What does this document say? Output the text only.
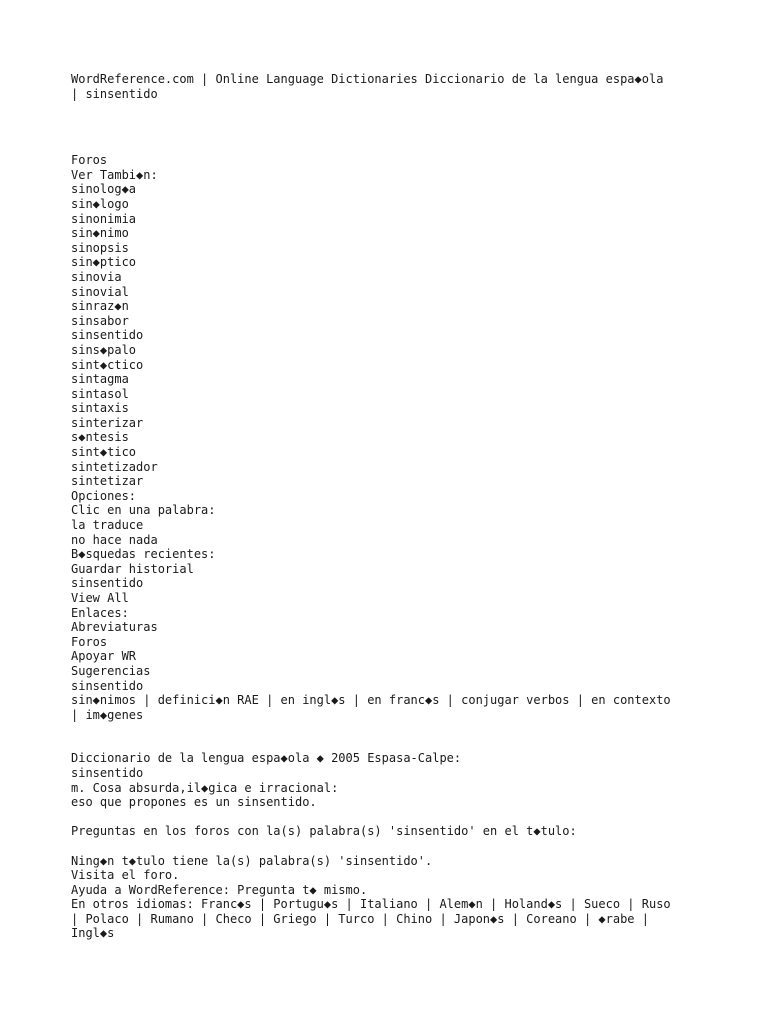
WordReference.com | Online Language Dictionaries Diccionario de la lengua espa◆ola
| sinsentido
Foros
Ver Tambi◆n:
sinolog◆a
sin◆logo
sinonimia
sin◆nimo
sinopsis
sin◆ptico
sinovia
sinovial
sinraz◆n
sinsabor
sinsentido
sins◆palo
sint◆ctico
sintagma
sintasol
sintaxis
sinterizar
s◆ntesis
sint◆tico
sintetizador
sintetizar
Opciones:
Clic en una palabra:
la traduce
no hace nada
B◆squedas recientes:
Guardar historial
sinsentido
View All
Enlaces:
Abreviaturas
Foros
Apoyar WR
Sugerencias
sinsentido
sin◆nimos | definici◆n RAE | en ingl◆s | en franc◆s | conjugar verbos | en contexto
| im◆genes
Diccionario de la lengua espa◆ola ◆ 2005 Espasa-Calpe:
sinsentido
m. Cosa absurda,il◆gica e irracional:
eso que propones es un sinsentido.
Preguntas en los foros con la(s) palabra(s) 'sinsentido' en el t◆tulo:
Ning◆n t◆tulo tiene la(s) palabra(s) 'sinsentido'.
Visita el foro.
Ayuda a WordReference: Pregunta t◆ mismo.
En otros idiomas: Franc◆s | Portugu◆s | Italiano | Alem◆n | Holand◆s | Sueco | Ruso
| Polaco | Rumano | Checo | Griego | Turco | Chino | Japon◆s | Coreano | ◆rabe |
Ingl◆s
